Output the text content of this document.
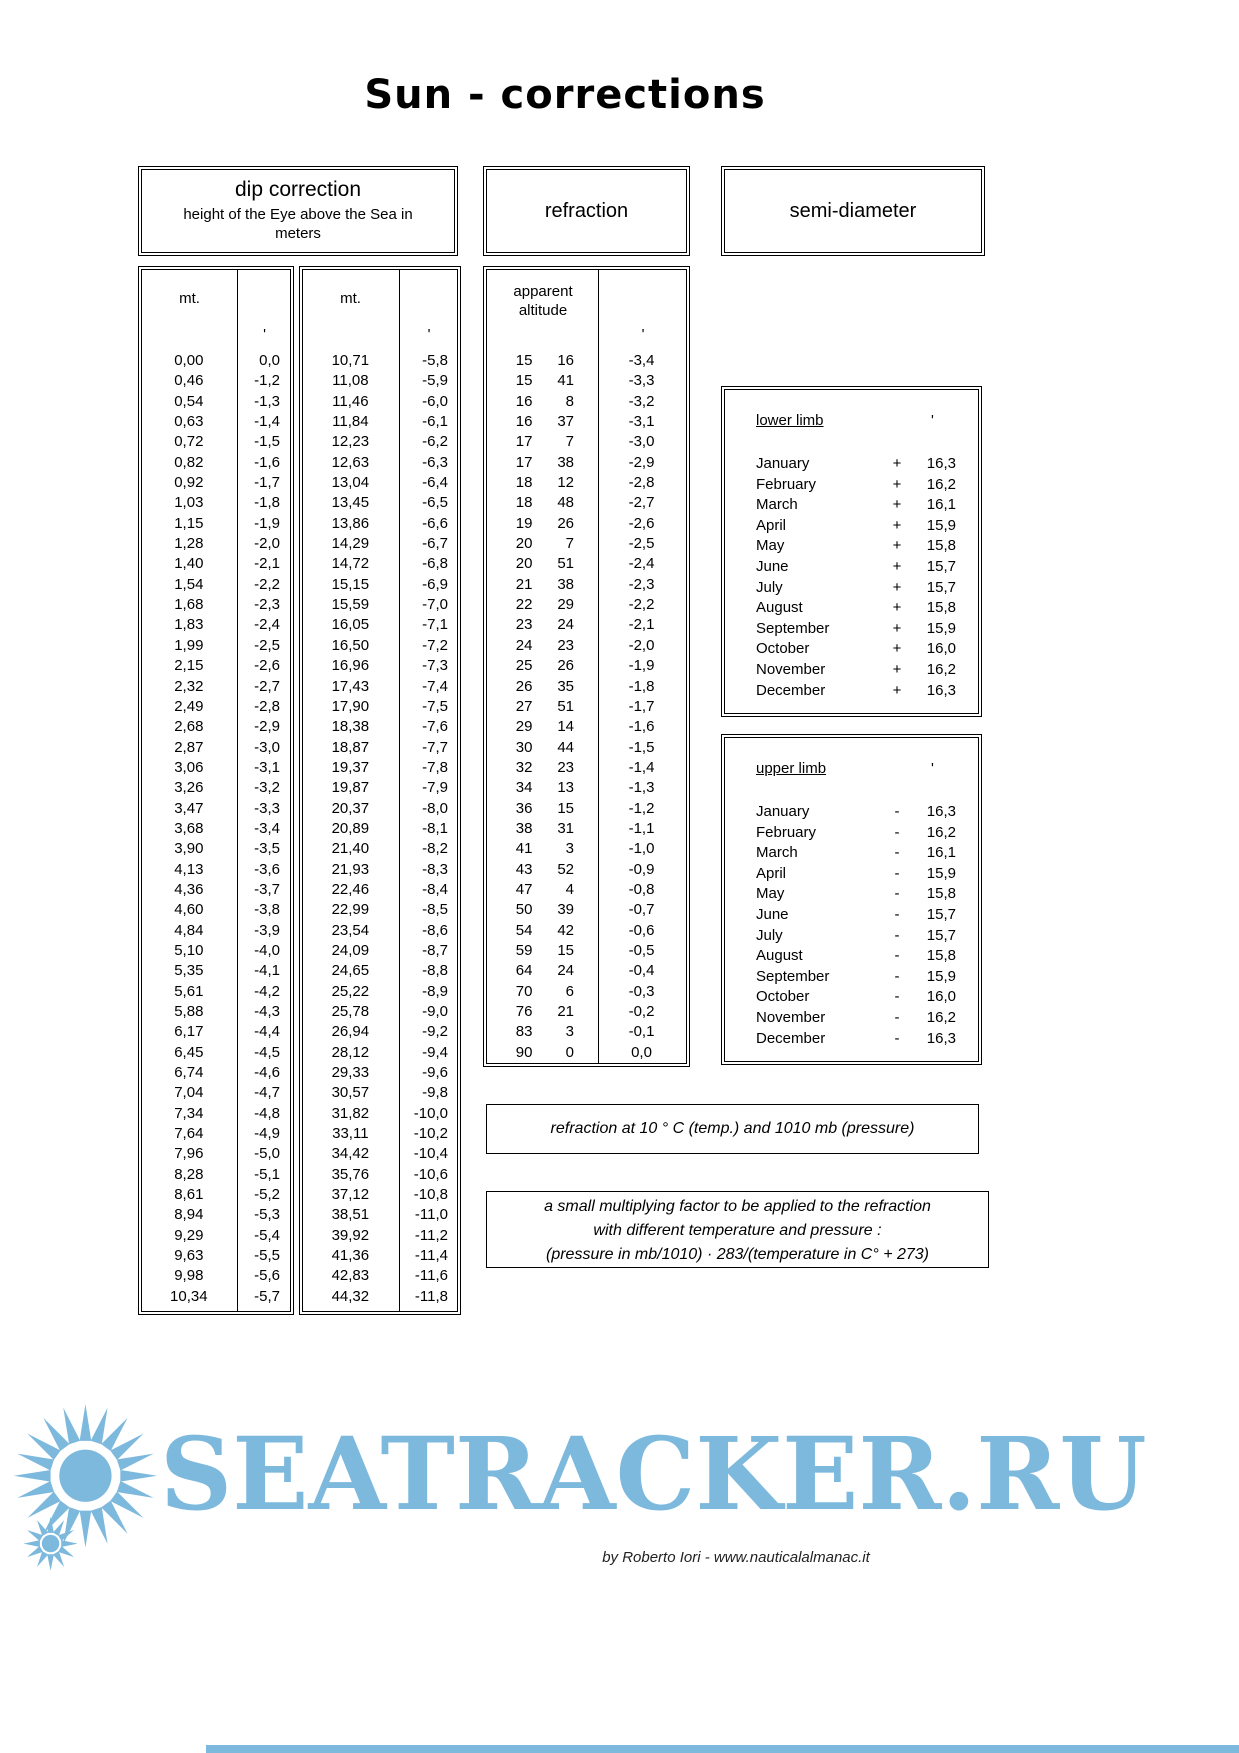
Sun - corrections
dip correction
height of the Eye above the Sea in meters
refraction	semi-diameter
mt.
'
0,00	0,0
0,46	-1,2
0,54	-1,3
0,63	-1,4
0,72	-1,5
0,82	-1,6
0,92	-1,7
1,03	-1,8
1,15	-1,9
1,28	-2,0
1,40	-2,1
1,54	-2,2
1,68	-2,3
1,83	-2,4
1,99	-2,5
2,15	-2,6
2,32	-2,7
2,49	-2,8
2,68	-2,9
2,87	-3,0
3,06	-3,1
3,26	-3,2
3,47	-3,3
3,68	-3,4
3,90	-3,5
4,13	-3,6
4,36	-3,7
4,60	-3,8
4,84	-3,9
5,10	-4,0
5,35	-4,1
5,61	-4,2
5,88	-4,3
6,17	-4,4
6,45	-4,5
6,74	-4,6
7,04	-4,7
7,34	-4,8
7,64	-4,9
7,96	-5,0
8,28	-5,1
8,61	-5,2
8,94	-5,3
9,29	-5,4
9,63	-5,5
9,98	-5,6
10,34	-5,7
mt.
'
10,71	-5,8
11,08	-5,9
11,46	-6,0
11,84	-6,1
12,23	-6,2
12,63	-6,3
13,04	-6,4
13,45	-6,5
13,86	-6,6
14,29	-6,7
14,72	-6,8
15,15	-6,9
15,59	-7,0
16,05	-7,1
16,50	-7,2
16,96	-7,3
17,43	-7,4
17,90	-7,5
18,38	-7,6
18,87	-7,7
19,37	-7,8
19,87	-7,9
20,37	-8,0
20,89	-8,1
21,40	-8,2
21,93	-8,3
22,46	-8,4
22,99	-8,5
23,54	-8,6
24,09	-8,7
24,65	-8,8
25,22	-8,9
25,78	-9,0
26,94	-9,2
28,12	-9,4
29,33	-9,6
30,57	-9,8
31,82	-10,0
33,11	-10,2
34,42	-10,4
35,76	-10,6
37,12	-10,8
38,51	-11,0
39,92	-11,2
41,36	-11,4
42,83	-11,6
44,32	-11,8
apparent altitude
'
15	16	-3,4
15	41	-3,3
16	8	-3,2
16	37	-3,1
17	7	-3,0
17	38	-2,9
18	12	-2,8
18	48	-2,7
19	26	-2,6
20	7	-2,5
20	51	-2,4
21	38	-2,3
22	29	-2,2
23	24	-2,1
24	23	-2,0
25	26	-1,9
26	35	-1,8
27	51	-1,7
29	14	-1,6
30	44	-1,5
32	23	-1,4
34	13	-1,3
36	15	-1,2
38	31	-1,1
41	3	-1,0
43	52	-0,9
47	4	-0,8
50	39	-0,7
54	42	-0,6
59	15	-0,5
64	24	-0,4
70	6	-0,3
76	21	-0,2
83	3	-0,1
90	0	0,0
lower limb	'
January	+	16,3
February	+	16,2
March	+	16,1
April	+	15,9
May	+	15,8
June	+	15,7
July	+	15,7
August	+	15,8
September	+	15,9
October	+	16,0
November	+	16,2
December	+	16,3
upper limb	'
January	-	16,3
February	-	16,2
March	-	16,1
April	-	15,9
May	-	15,8
June	-	15,7
July	-	15,7
August	-	15,8
September	-	15,9
October	-	16,0
November	-	16,2
December	-	16,3
refraction at 10 ° C (temp.) and 1010 mb (pressure)
a small multiplying factor to be applied to the refraction
with different temperature and pressure :
(pressure in mb/1010) · 283/(temperature in C° + 273)
SEATRACKER.RU
by Roberto Iori - www.nauticalalmanac.it
